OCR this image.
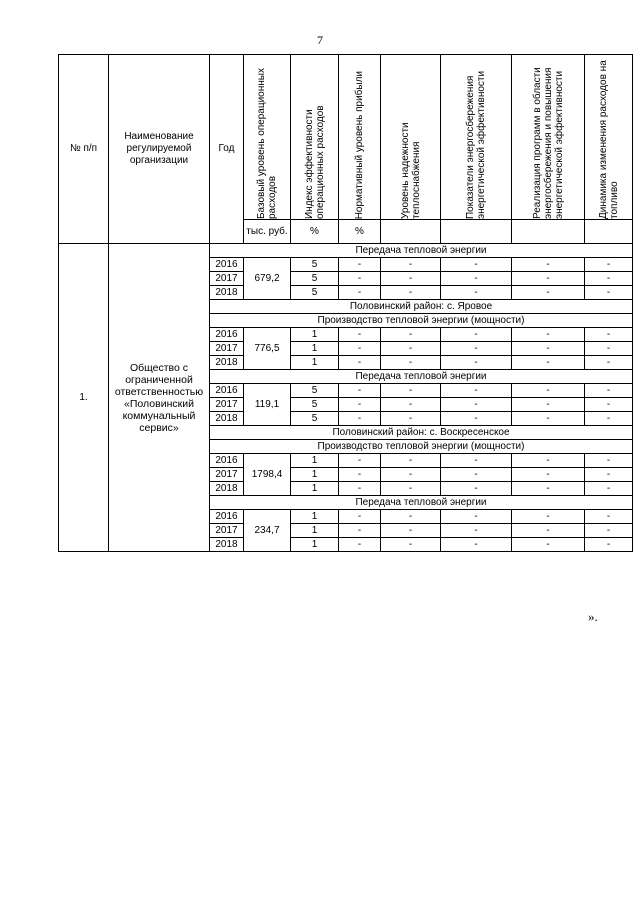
7
№ п/п	Наименование регулируемой организации	Год	Базовый уровень операционных расходов	Индекс эффективности операционных расходов	Нормативный уровень прибыли	Уровень надежности теплоснабжения	Показатели энергосбережения энергетической эффективности	Реализация программ в области энергосбережения и повышения энергетической эффективности	Динамика изменения расходов на топливо

			тыс. руб.	%	%				
1.	Общество с ограниченной ответственностью «Половинский коммунальный сервис»	Передача тепловой энергии							
		2016	679,2	5	-	-	-	-	-
		2017		5	-	-	-	-	-
		2018		5	-	-	-	-	-
		Половинский район: с. Яровое							
		Производство тепловой энергии (мощности)							
		2016	776,5	1	-	-	-	-	-
		2017		1	-	-	-	-	-
		2018		1	-	-	-	-	-
		Передача тепловой энергии							
		2016	119,1	5	-	-	-	-	-
		2017		5	-	-	-	-	-
		2018		5	-	-	-	-	-
		Половинский район: с. Воскресенское							
		Производство тепловой энергии (мощности)							
		2016	1798,4	1	-	-	-	-	-
		2017		1	-	-	-	-	-
		2018		1	-	-	-	-	-
		Передача тепловой энергии							
		2016	234,7	1	-	-	-	-	-
		2017		1	-	-	-	-	-
		2018		1	-	-	-	-	-
».
